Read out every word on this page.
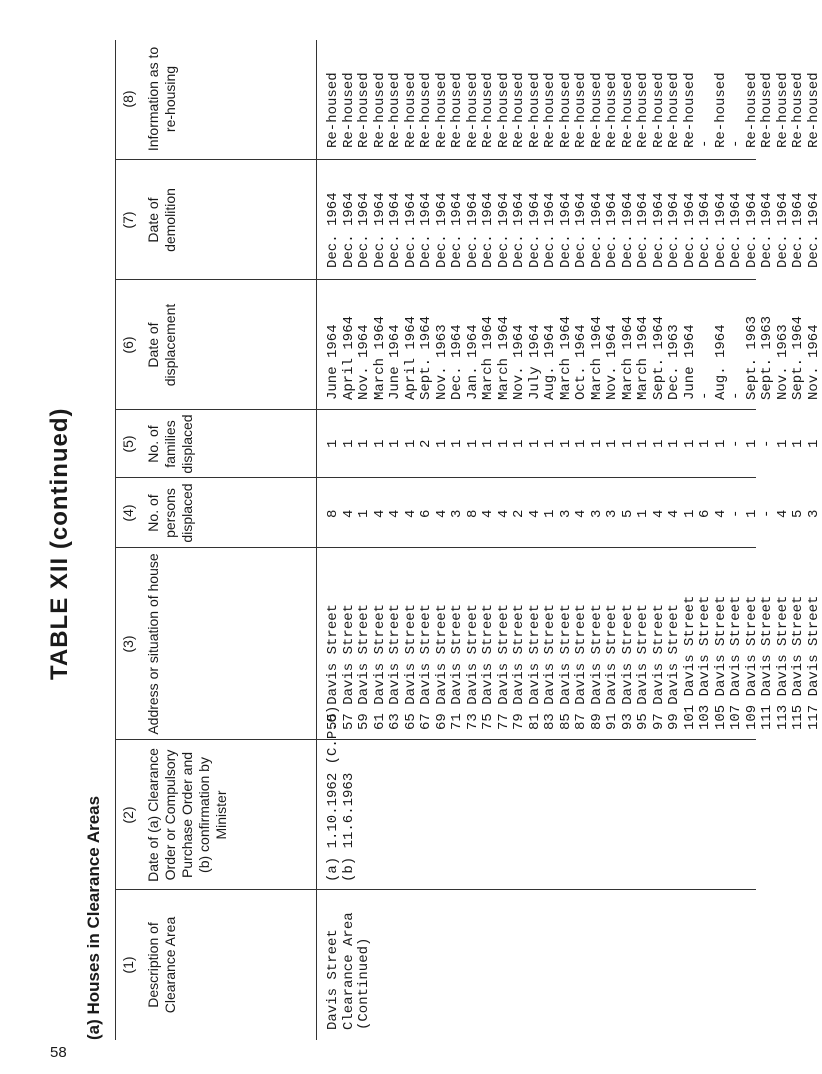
58
TABLE XII (continued)
(a) Houses in Clearance Areas (1) Description of Clearance Area
(2) Date of (a) Clearance Order or Compulsory Purchase Order and (b) confirmation by Minister
(3) Address or situation of house
(4) No. of persons displaced
(5) No. of families displaced
(6) Date of displacement
(7) Date of demolition
(8) Information as to re-housing
Davis Street Clearance Area (Continued)
(a) 1.10.1962 (C.P.O) (b) 11.6.1963
55 Davis Street 57 Davis Street 59 Davis Street 61 Davis Street 63 Davis Street 65 Davis Street 67 Davis Street 69 Davis Street 71 Davis Street 73 Davis Street 75 Davis Street 77 Davis Street 79 Davis Street 81 Davis Street 83 Davis Street 85 Davis Street 87 Davis Street 89 Davis Street 91 Davis Street 93 Davis Street 95 Davis Street 97 Davis Street 99 Davis Street 101 Davis Street 103 Davis Street 105 Davis Street 107 Davis Street 109 Davis Street 111 Davis Street 113 Davis Street 115 Davis Street 117 Davis Street
8 4 1 4 4 4 6 4 3 8 4 4 2 4 1 3 4 3 3 5 1 4 4 1 6 4 - 1 - 4 5 3
1 1 1 1 1 1 2 1 1 1 1 1 1 1 1 1 1 1 1 1 1 1 1 1 1 1 - 1 - 1 1 1
June 1964 April 1964 Nov. 1964 March 1964 June 1964 April 1964 Sept. 1964 Nov. 1963 Dec. 1964 Jan. 1964 March 1964 March 1964 Nov. 1964 July 1964 Aug. 1964 March 1964 Oct. 1964 March 1964 Nov. 1964 March 1964 March 1964 Sept. 1964 Dec. 1963 June 1964 - Aug. 1964 - Sept. 1963 Sept. 1963 Nov. 1963 Sept. 1964 Nov. 1964
Dec. 1964 Dec. 1964 Dec. 1964 Dec. 1964 Dec. 1964 Dec. 1964 Dec. 1964 Dec. 1964 Dec. 1964 Dec. 1964 Dec. 1964 Dec. 1964 Dec. 1964 Dec. 1964 Dec. 1964 Dec. 1964 Dec. 1964 Dec. 1964 Dec. 1964 Dec. 1964 Dec. 1964 Dec. 1964 Dec. 1964 Dec. 1964 Dec. 1964 Dec. 1964 Dec. 1964 Dec. 1964 Dec. 1964 Dec. 1964 Dec. 1964 Dec. 1964
Re-housed Re-housed Re-housed Re-housed Re-housed Re-housed Re-housed Re-housed Re-housed Re-housed Re-housed Re-housed Re-housed Re-housed Re-housed Re-housed Re-housed Re-housed Re-housed Re-housed Re-housed Re-housed Re-housed Re-housed - Re-housed - Re-housed Re-housed Re-housed Re-housed Re-housed
